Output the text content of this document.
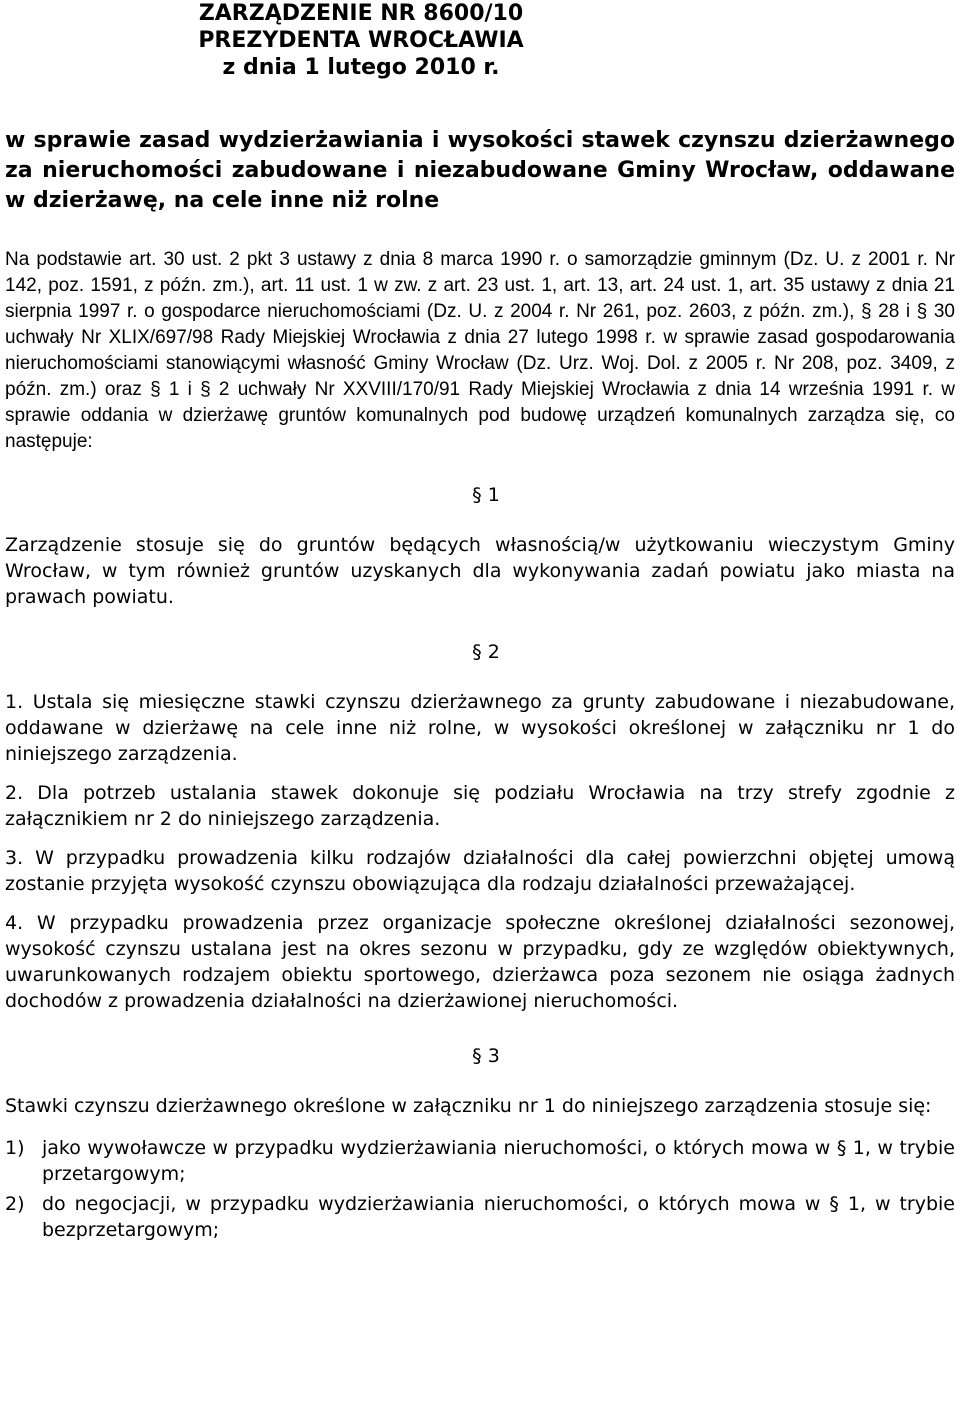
ZARZĄDZENIE NR 8600/10
PREZYDENTA WROCŁAWIA
z dnia 1 lutego 2010 r.
w sprawie zasad wydzierżawiania i wysokości stawek czynszu dzierżawnego za nieruchomości zabudowane i niezabudowane Gminy Wrocław, oddawane w dzierżawę, na cele inne niż rolne

Na podstawie art. 30 ust. 2 pkt 3 ustawy z dnia 8 marca 1990 r. o samorządzie gminnym (Dz. U. z 2001 r. Nr 142, poz. 1591, z późn. zm.), art. 11 ust. 1 w zw. z art. 23 ust. 1, art. 13, art. 24 ust. 1, art. 35 ustawy z dnia 21 sierpnia 1997 r. o gospodarce nieruchomościami (Dz. U. z 2004 r. Nr 261, poz. 2603, z późn. zm.), § 28 i § 30 uchwały Nr XLIX/697/98 Rady Miejskiej Wrocławia z dnia 27 lutego 1998 r. w sprawie zasad gospodarowania nieruchomościami stanowiącymi własność Gminy Wrocław (Dz. Urz. Woj. Dol. z 2005 r. Nr 208, poz. 3409, z późn. zm.) oraz § 1 i § 2 uchwały Nr XXVIII/170/91 Rady Miejskiej Wrocławia z dnia 14 września 1991 r. w sprawie oddania w dzierżawę gruntów komunalnych pod budowę urządzeń komunalnych zarządza się, co następuje:

§ 1

Zarządzenie stosuje się do gruntów będących własnością/w użytkowaniu wieczystym Gminy Wrocław, w tym również gruntów uzyskanych dla wykonywania zadań powiatu jako miasta na prawach powiatu.

§ 2

1. Ustala się miesięczne stawki czynszu dzierżawnego za grunty zabudowane i niezabudowane, oddawane w dzierżawę na cele inne niż rolne, w wysokości określonej w załączniku nr 1 do niniejszego zarządzenia.

2. Dla potrzeb ustalania stawek dokonuje się podziału Wrocławia na trzy strefy zgodnie z załącznikiem nr 2 do niniejszego zarządzenia.

3. W przypadku prowadzenia kilku rodzajów działalności dla całej powierzchni objętej umową zostanie przyjęta wysokość czynszu obowiązująca dla rodzaju działalności przeważającej.

4. W przypadku prowadzenia przez organizacje społeczne określonej działalności sezonowej, wysokość czynszu ustalana jest na okres sezonu w przypadku, gdy ze względów obiektywnych, uwarunkowanych rodzajem obiektu sportowego, dzierżawca poza sezonem nie osiąga żadnych dochodów z prowadzenia działalności na dzierżawionej nieruchomości.

§ 3

Stawki czynszu dzierżawnego określone w załączniku nr 1 do niniejszego zarządzenia stosuje się:

1) jako wywoławcze w przypadku wydzierżawiania nieruchomości, o których mowa w § 1, w trybie przetargowym;
2) do negocjacji, w przypadku wydzierżawiania nieruchomości, o których mowa w § 1, w trybie bezprzetargowym;
